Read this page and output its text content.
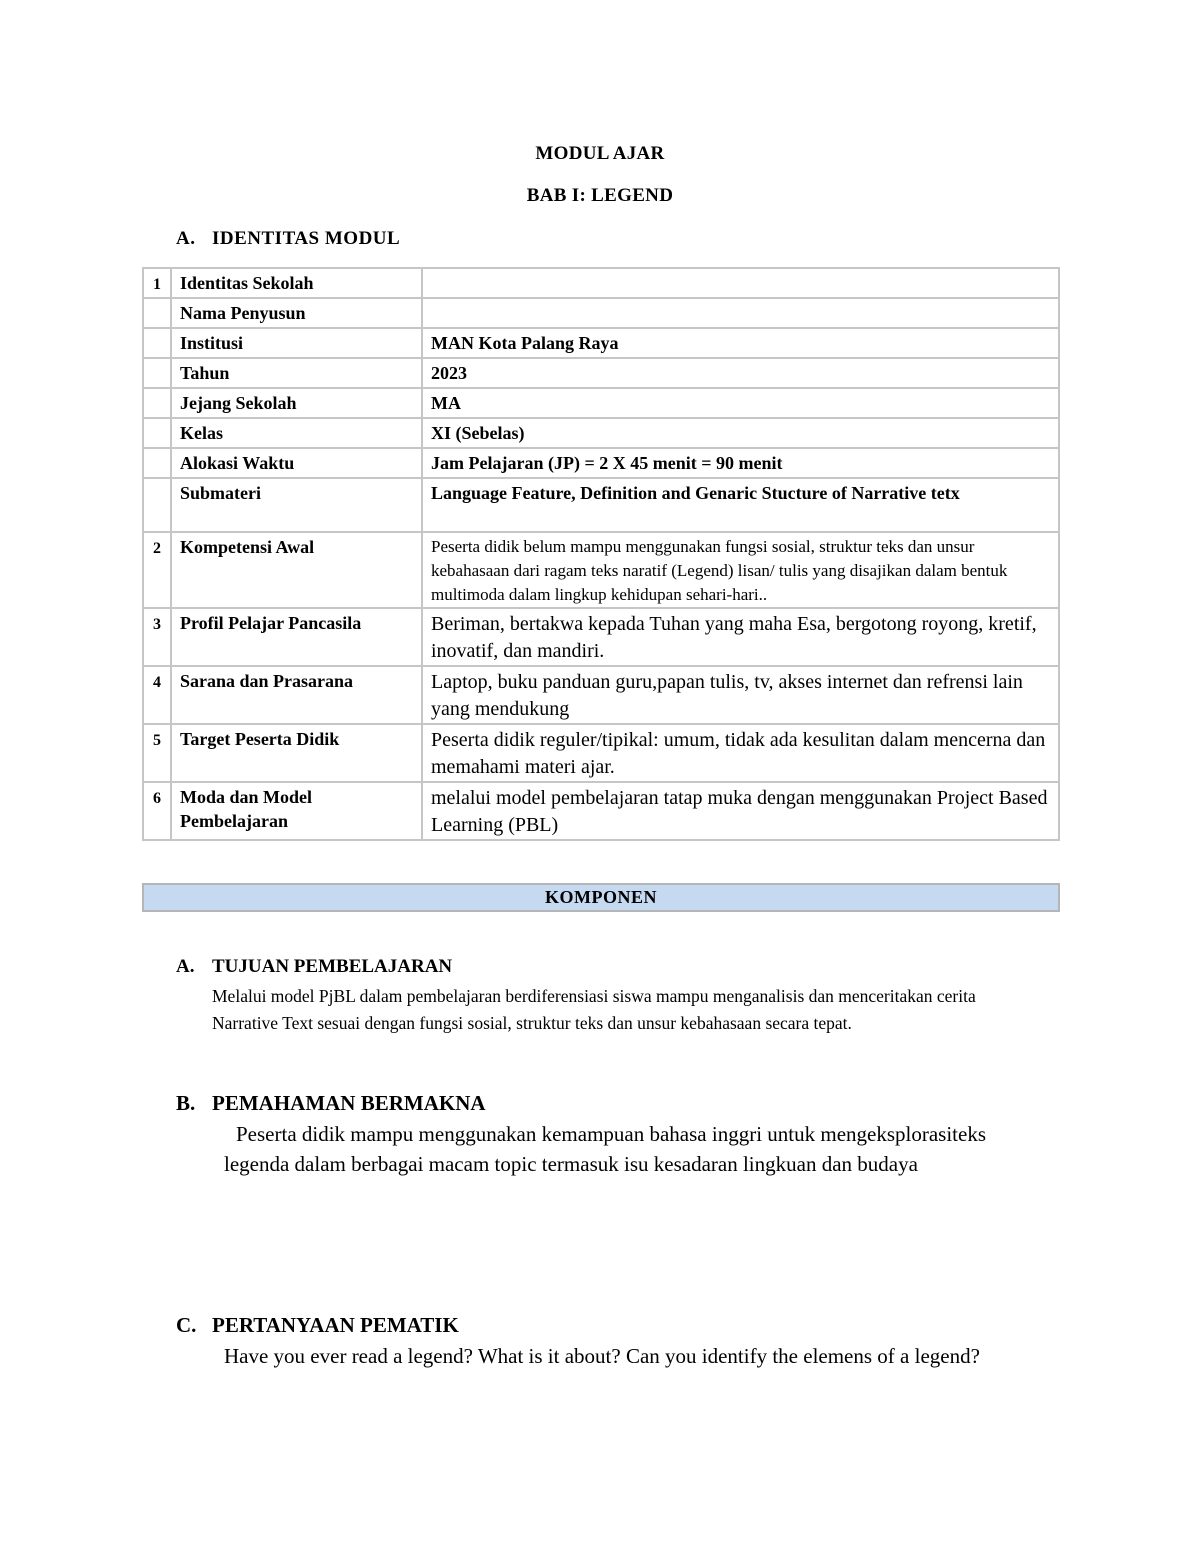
MODUL AJAR
BAB I: LEGEND
A. IDENTITAS MODUL
1	Identitas Sekolah	
	Nama Penyusun	
	Institusi	MAN Kota Palang Raya
	Tahun	2023
	Jejang Sekolah	MA
	Kelas	XI (Sebelas)
	Alokasi Waktu	Jam Pelajaran (JP) = 2 X 45 menit = 90 menit
	Submateri	Language Feature, Definition and Genaric Stucture of Narrative tetx
2	Kompetensi Awal	Peserta didik belum mampu menggunakan fungsi sosial, struktur teks dan unsur kebahasaan dari ragam teks naratif (Legend) lisan/ tulis yang disajikan dalam bentuk multimoda dalam lingkup kehidupan sehari-hari..
3	Profil Pelajar Pancasila	Beriman, bertakwa kepada Tuhan yang maha Esa, bergotong royong, kretif, inovatif, dan mandiri.
4	Sarana dan Prasarana	Laptop, buku panduan guru,papan tulis, tv, akses internet dan refrensi lain yang mendukung
5	Target Peserta Didik	Peserta didik reguler/tipikal: umum, tidak ada kesulitan dalam mencerna dan memahami materi ajar.
6	Moda dan Model Pembelajaran	melalui model pembelajaran tatap muka dengan menggunakan Project Based Learning (PBL)
KOMPONEN
A. TUJUAN PEMBELAJARAN
Melalui model PjBL dalam pembelajaran berdiferensiasi siswa mampu menganalisis dan menceritakan cerita Narrative Text sesuai dengan fungsi sosial, struktur teks dan unsur kebahasaan secara tepat.
B. PEMAHAMAN BERMAKNA
Peserta didik mampu menggunakan kemampuan bahasa inggri untuk mengeksplorasiteks legenda dalam berbagai macam topic termasuk isu kesadaran lingkuan dan budaya
C. PERTANYAAN PEMATIK
Have you ever read a legend? What is it about? Can you identify the elemens of a legend?
